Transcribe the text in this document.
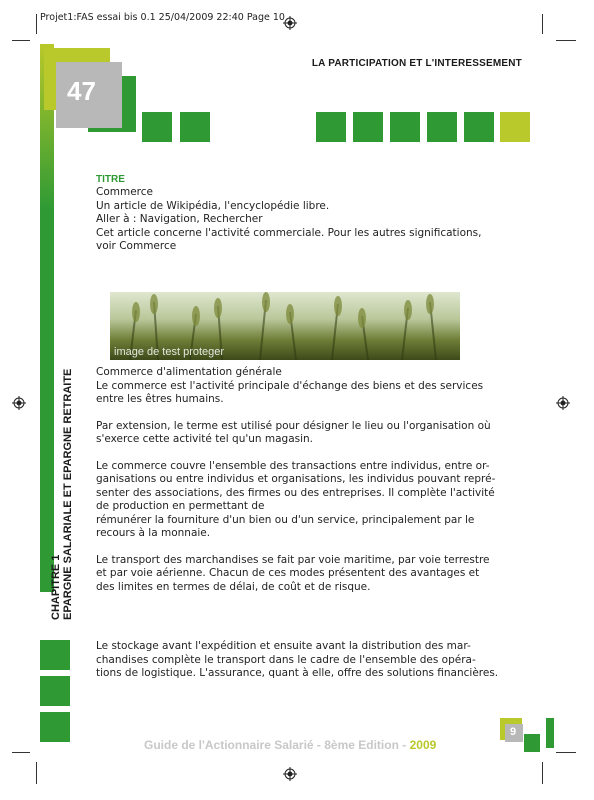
Projet1:FAS essai bis 0.1 25/04/2009 22:40 Page 10
47
LA PARTICIPATION ET L'INTERESSEMENT
TITRE
Commerce
Un article de Wikipédia, l'encyclopédie libre.
Aller à : Navigation, Rechercher
Cet article concerne l'activité commerciale. Pour les autres significations,
voir Commerce
image de test proteger
Commerce d'alimentation générale
Le commerce est l'activité principale d'échange des biens et des services
entre les êtres humains.
Par extension, le terme est utilisé pour désigner le lieu ou l'organisation où
s'exerce cette activité tel qu'un magasin.
Le commerce couvre l'ensemble des transactions entre individus, entre or-
ganisations ou entre individus et organisations, les individus pouvant repré-
senter des associations, des firmes ou des entreprises. Il complète l'activité
de production en permettant de
rémunérer la fourniture d'un bien ou d'un service, principalement par le
recours à la monnaie.
Le transport des marchandises se fait par voie maritime, par voie terrestre
et par voie aérienne. Chacun de ces modes présentent des avantages et
des limites en termes de délai, de coût et de risque.
Le stockage avant l'expédition et ensuite avant la distribution des mar-
chandises complète le transport dans le cadre de l'ensemble des opéra-
tions de logistique. L'assurance, quant à elle, offre des solutions financières.
CHAPITRE 1 EPARGNE SALARIALE ET EPARGNE RETRAITE
Guide de l'Actionnaire Salarié - 8ème Edition - 2009
9
